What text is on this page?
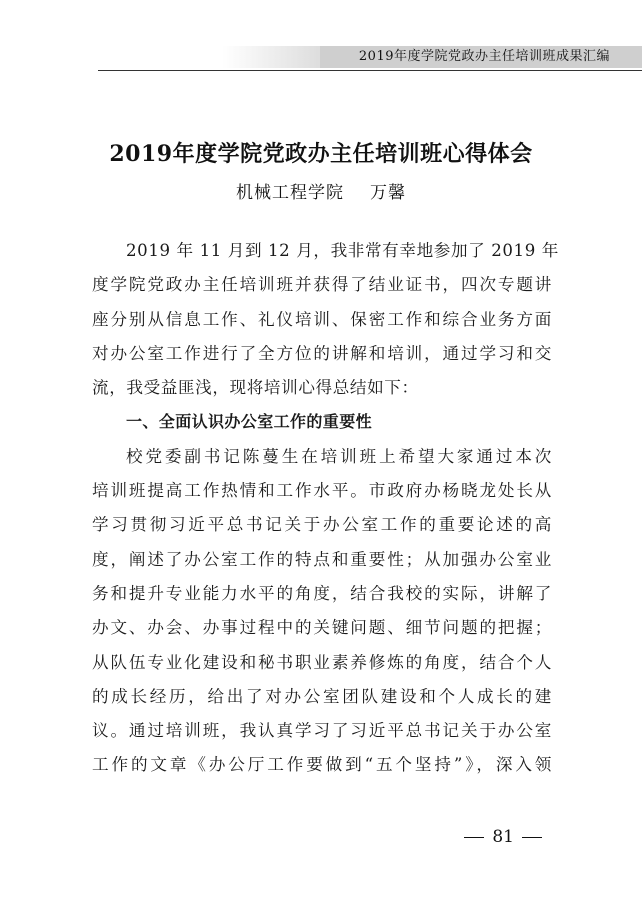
2019年度学院党政办主任培训班成果汇编
2019年度学院党政办主任培训班心得体会
机械工程学院 万馨
2019 年 11 月到 12 月，我非常有幸地参加了 2019 年
度学院党政办主任培训班并获得了结业证书，四次专题讲
座分别从信息工作、礼仪培训、保密工作和综合业务方面
对办公室工作进行了全方位的讲解和培训，通过学习和交
流，我受益匪浅，现将培训心得总结如下：
一、全面认识办公室工作的重要性
校党委副书记陈蔓生在培训班上希望大家通过本次
培训班提高工作热情和工作水平。市政府办杨晓龙处长从
学习贯彻习近平总书记关于办公室工作的重要论述的高
度，阐述了办公室工作的特点和重要性；从加强办公室业
务和提升专业能力水平的角度，结合我校的实际，讲解了
办文、办会、办事过程中的关键问题、细节问题的把握；
从队伍专业化建设和秘书职业素养修炼的角度，结合个人
的成长经历，给出了对办公室团队建设和个人成长的建
议。通过培训班，我认真学习了习近平总书记关于办公室
工作的文章《办公厅工作要做到“五个坚持”》，深入领
81
